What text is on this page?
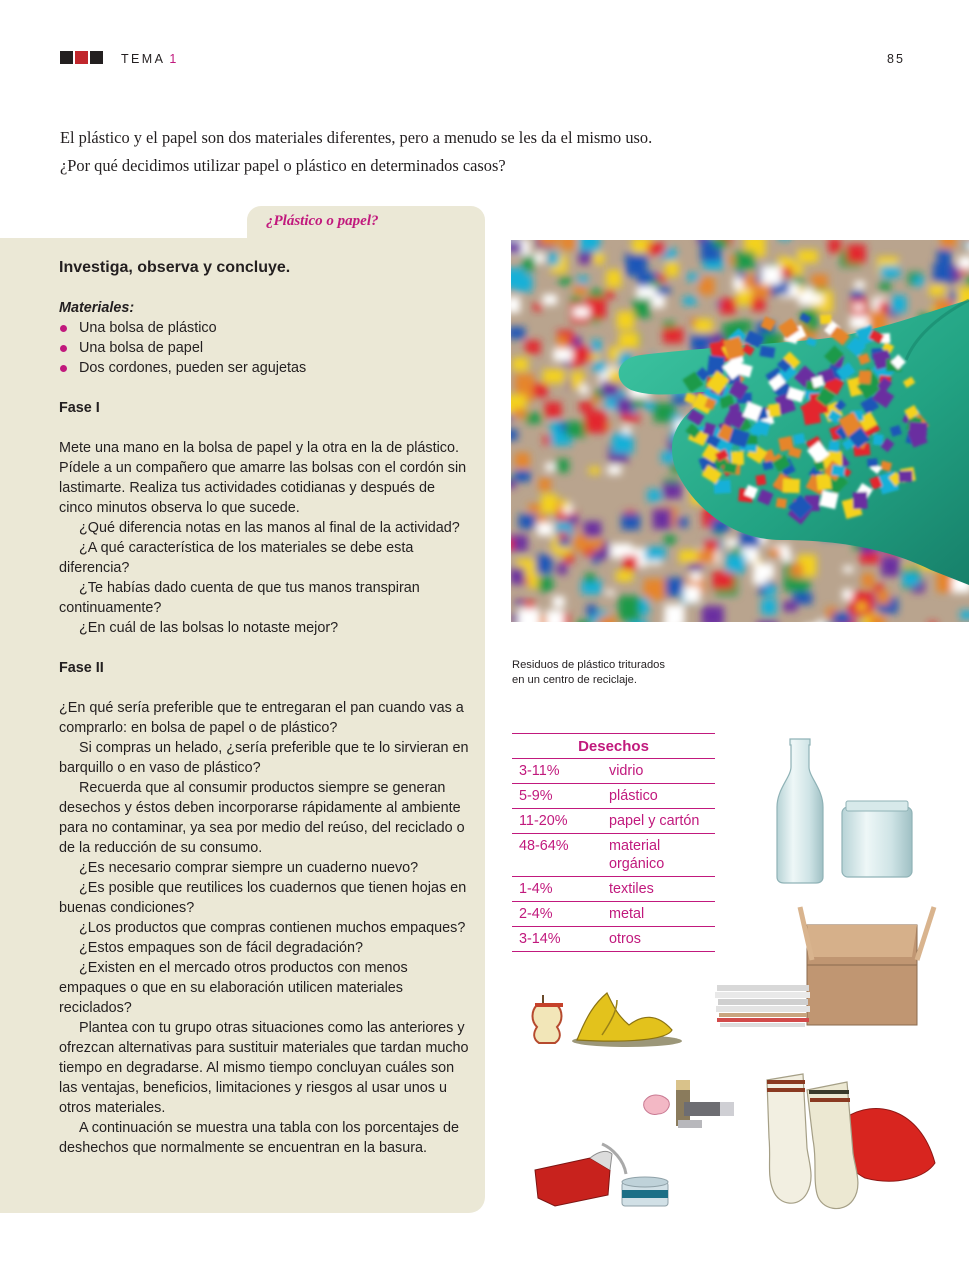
TEMA 1	85
El plástico y el papel son dos materiales diferentes, pero a menudo se les da el mismo uso.
¿Por qué decidimos utilizar papel o plástico en determinados casos?
¿Plástico o papel?
Investiga, observa y concluye.
Materiales:
Una bolsa de plástico
Una bolsa de papel
Dos cordones, pueden ser agujetas
Fase I

Mete una mano en la bolsa de papel y la otra en la de plástico. Pídele a un compañero que amarre las bolsas con el cordón sin lastimarte. Realiza tus actividades cotidianas y después de cinco minutos observa lo que sucede.

¿Qué diferencia notas en las manos al final de la actividad?

¿A qué característica de los materiales se debe esta diferencia?

¿Te habías dado cuenta de que tus manos transpiran continuamente?

¿En cuál de las bolsas lo notaste mejor?

Fase II

¿En qué sería preferible que te entregaran el pan cuando vas a comprarlo: en bolsa de papel o de plástico?

Si compras un helado, ¿sería preferible que te lo sirvieran en barquillo o en vaso de plástico?

Recuerda que al consumir productos siempre se generan desechos y éstos deben incorporarse rápidamente al ambiente para no contaminar, ya sea por medio del reúso, del reciclado o de la reducción de su consumo.

¿Es necesario comprar siempre un cuaderno nuevo?

¿Es posible que reutilices los cuadernos que tienen hojas en buenas condiciones?

¿Los productos que compras contienen muchos empaques?

¿Estos empaques son de fácil degradación?

¿Existen en el mercado otros productos con menos empaques o que en su elaboración utilicen materiales reciclados?

Plantea con tu grupo otras situaciones como las anteriores y ofrezcan alternativas para sustituir materiales que tardan mucho tiempo en degradarse. Al mismo tiempo concluyan cuáles son las ventajas, beneficios, limitaciones y riesgos al usar unos u otros materiales.

A continuación se muestra una tabla con los porcentajes de deshechos que normalmente se encuentran en la basura.

Residuos de plástico triturados en un centro de reciclaje.
Desechos
3-11%	vidrio
5-9%	plástico
11-20%	papel y cartón
48-64%	material orgánico
1-4%	textiles
2-4%	metal
3-14%	otros
